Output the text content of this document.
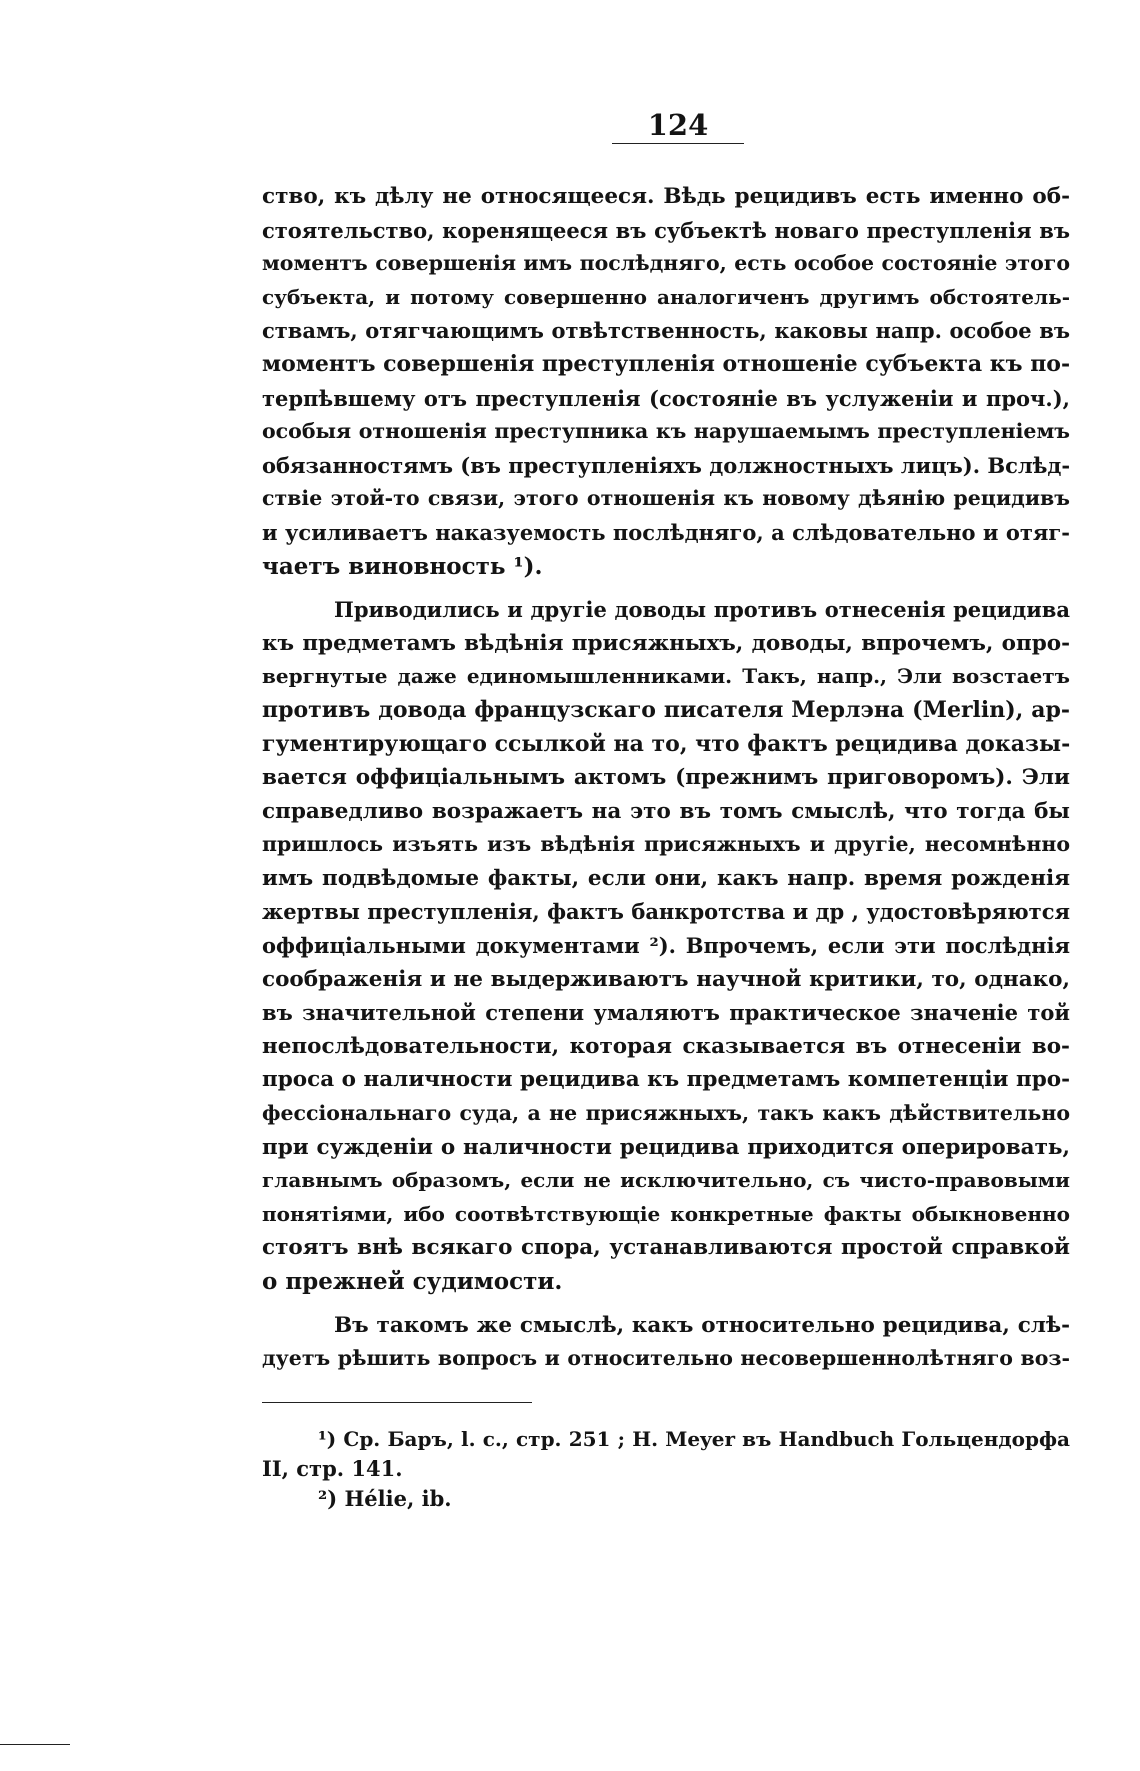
124
ство, къ дѣлу не относящееся. Вѣдь рецидивъ есть именно об-
стоятельство, коренящееся въ субъектѣ новаго преступленія въ
моментъ совершенія имъ послѣдняго, есть особое состояніе этого
субъекта, и потому совершенно аналогиченъ другимъ обстоятель-
ствамъ, отягчающимъ отвѣтственность, каковы напр. особое въ
моментъ совершенія преступленія отношеніе субъекта къ по-
терпѣвшему отъ преступленія (состояніе въ услуженіи и проч.),
особыя отношенія преступника къ нарушаемымъ преступленіемъ
обязанностямъ (въ преступленіяхъ должностныхъ лицъ). Вслѣд-
ствіе этой-то связи, этого отношенія къ новому дѣянію рецидивъ
и усиливаетъ наказуемость послѣдняго, а слѣдовательно и отяг-
чаетъ виновность ¹).
Приводились и другіе доводы противъ отнесенія рецидива
къ предметамъ вѣдѣнія присяжныхъ, доводы, впрочемъ, опро-
вергнутые даже единомышленниками. Такъ, напр., Эли возстаетъ
противъ довода французскаго писателя Мерлэна (Merlin), ар-
гументирующаго ссылкой на то, что фактъ рецидива доказы-
вается оффиціальнымъ актомъ (прежнимъ приговоромъ). Эли
справедливо возражаетъ на это въ томъ смыслѣ, что тогда бы
пришлось изъять изъ вѣдѣнія присяжныхъ и другіе, несомнѣнно
имъ подвѣдомые факты, если они, какъ напр. время рожденія
жертвы преступленія, фактъ банкротства и др , удостовѣряются
оффиціальными документами ²). Впрочемъ, если эти послѣднія
соображенія и не выдерживаютъ научной критики, то, однако,
въ значительной степени умаляютъ практическое значеніе той
непослѣдовательности, которая сказывается въ отнесеніи во-
проса о наличности рецидива къ предметамъ компетенціи про-
фессіональнаго суда, а не присяжныхъ, такъ какъ дѣйствительно
при сужденіи о наличности рецидива приходится оперировать,
главнымъ образомъ, если не исключительно, съ чисто-правовыми
понятіями, ибо соотвѣтствующіе конкретные факты обыкновенно
стоятъ внѣ всякаго спора, устанавливаются простой справкой
о прежней судимости.
Въ такомъ же смыслѣ, какъ относительно рецидива, слѣ-
дуетъ рѣшить вопросъ и относительно несовершеннолѣтняго воз-
¹) Ср. Баръ, l. c., стр. 251 ; H. Meyer въ Handbuch Гольцендорфа
II, стр. 141.
²) Hélie, ib.
